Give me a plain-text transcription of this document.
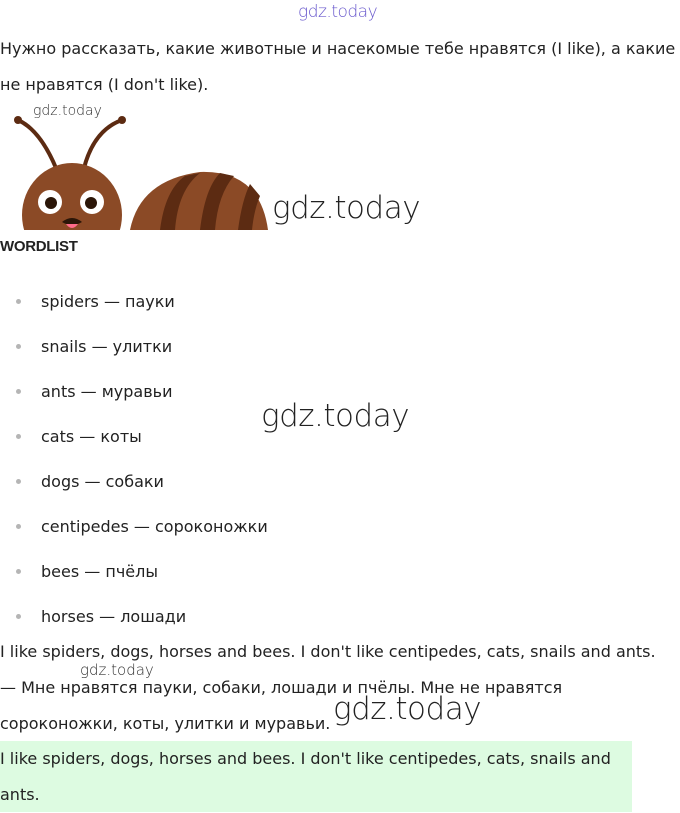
gdz.today
Нужно рассказать, какие животные и насекомые тебе нравятся (I like), а какие не нравятся (I don't like).
gdz.today
gdz.today
WORDLIST
spiders — пауки
snails — улитки
ants — муравьи
cats — коты
dogs — собаки
centipedes — сороконожки
bees — пчёлы
horses — лошади
gdz.today
I like spiders, dogs, horses and bees. I don't like centipedes, cats, snails and ants.
gdz.today
— Мне нравятся пауки, собаки, лошади и пчёлы. Мне не нравятся сороконожки, коты, улитки и муравьи. gdz.today
I like spiders, dogs, horses and bees. I don't like centipedes, cats, snails and ants.
